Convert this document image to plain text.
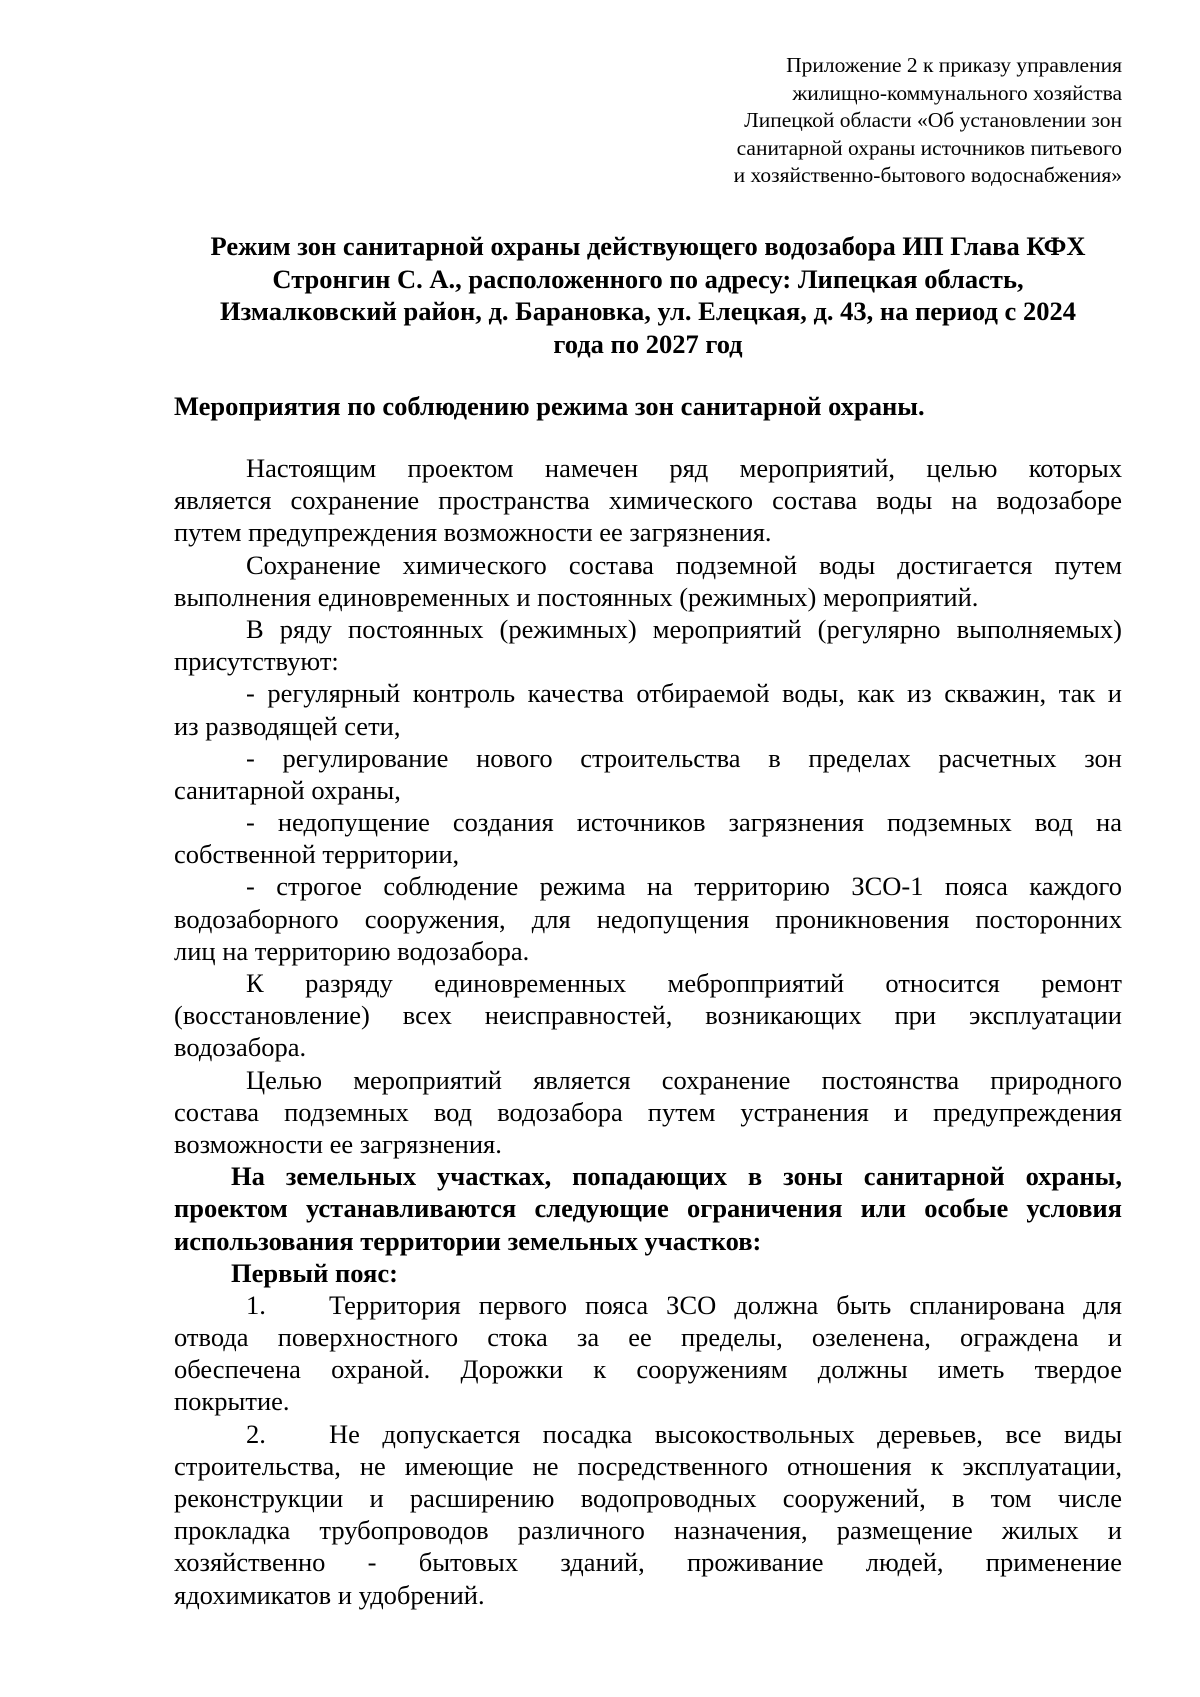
Приложение 2 к приказу управления
жилищно-коммунального хозяйства
Липецкой области «Об установлении зон
санитарной охраны источников питьевого
и хозяйственно-бытового водоснабжения»
Режим зон санитарной охраны действующего водозабора ИП Глава КФХ
Стронгин С. А., расположенного по адресу: Липецкая область,
Измалковский район, д. Барановка, ул. Елецкая, д. 43, на период с 2024
года по 2027 год
Мероприятия по соблюдению режима зон санитарной охраны.
Настоящим проектом намечен ряд мероприятий, целью которых
является сохранение пространства химического состава воды на водозаборе
путем предупреждения возможности ее загрязнения.
Сохранение химического состава подземной воды достигается путем
выполнения единовременных и постоянных (режимных) мероприятий.
В ряду постоянных (режимных) мероприятий (регулярно выполняемых)
присутствуют:
- регулярный контроль качества отбираемой воды, как из скважин, так и
из разводящей сети,
- регулирование нового строительства в пределах расчетных зон
санитарной охраны,
- недопущение создания источников загрязнения подземных вод на
собственной территории,
- строгое соблюдение режима на территорию ЗСО-1 пояса каждого
водозаборного сооружения, для недопущения проникновения посторонних
лиц на территорию водозабора.
К разряду единовременных мебропприятий относится ремонт
(восстановление) всех неисправностей, возникающих при эксплуатации
водозабора.
Целью мероприятий является сохранение постоянства природного
состава подземных вод водозабора путем устранения и предупреждения
возможности ее загрязнения.
На земельных участках, попадающих в зоны санитарной охраны,
проектом устанавливаются следующие ограничения или особые условия
использования территории земельных участков:
Первый пояс:
1.	Территория первого пояса ЗСО должна быть спланирована для
отвода поверхностного стока за ее пределы, озеленена, ограждена и
обеспечена охраной. Дорожки к сооружениям должны иметь твердое
покрытие.
2.	Не допускается посадка высокоствольных деревьев, все виды
строительства, не имеющие не посредственного отношения к эксплуатации,
реконструкции и расширению водопроводных сооружений, в том числе
прокладка трубопроводов различного назначения, размещение жилых и
хозяйственно - бытовых зданий, проживание людей, применение
ядохимикатов и удобрений.
